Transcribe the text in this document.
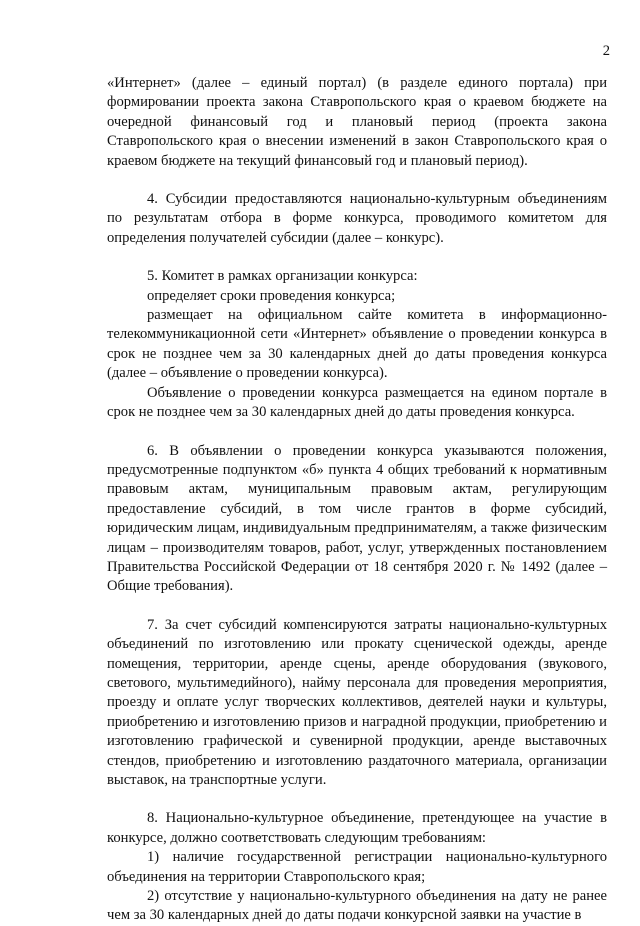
2

«Интернет» (далее – единый портал) (в разделе единого портала) при формировании проекта закона Ставропольского края о краевом бюджете на очередной финансовый год и плановый период (проекта закона Ставропольского края о внесении изменений в закон Ставропольского края о краевом бюджете на текущий финансовый год и плановый период).

4. Субсидии предоставляются национально-культурным объединениям по результатам отбора в форме конкурса, проводимого комитетом для определения получателей субсидии (далее – конкурс).

5. Комитет в рамках организации конкурса:

определяет сроки проведения конкурса;

размещает на официальном сайте комитета в информационно-телекоммуникационной сети «Интернет» объявление о проведении конкурса в срок не позднее чем за 30 календарных дней до даты проведения конкурса (далее – объявление о проведении конкурса).

Объявление о проведении конкурса размещается на едином портале в срок не позднее чем за 30 календарных дней до даты проведения конкурса.

6. В объявлении о проведении конкурса указываются положения, предусмотренные подпунктом «б» пункта 4 общих требований к нормативным правовым актам, муниципальным правовым актам, регулирующим предоставление субсидий, в том числе грантов в форме субсидий, юридическим лицам, индивидуальным предпринимателям, а также физическим лицам – производителям товаров, работ, услуг, утвержденных постановлением Правительства Российской Федерации от 18 сентября 2020 г. № 1492 (далее – Общие требования).

7. За счет субсидий компенсируются затраты национально-культурных объединений по изготовлению или прокату сценической одежды, аренде помещения, территории, аренде сцены, аренде оборудования (звукового, светового, мультимедийного), найму персонала для проведения мероприятия, проезду и оплате услуг творческих коллективов, деятелей науки и культуры, приобретению и изготовлению призов и наградной продукции, приобретению и изготовлению графической и сувенирной продукции, аренде выставочных стендов, приобретению и изготовлению раздаточного материала, организации выставок, на транспортные услуги.

8. Национально-культурное объединение, претендующее на участие в конкурсе, должно соответствовать следующим требованиям:

1) наличие государственной регистрации национально-культурного объединения на территории Ставропольского края;

2) отсутствие у национально-культурного объединения на дату не ранее чем за 30 календарных дней до даты подачи конкурсной заявки на участие в
